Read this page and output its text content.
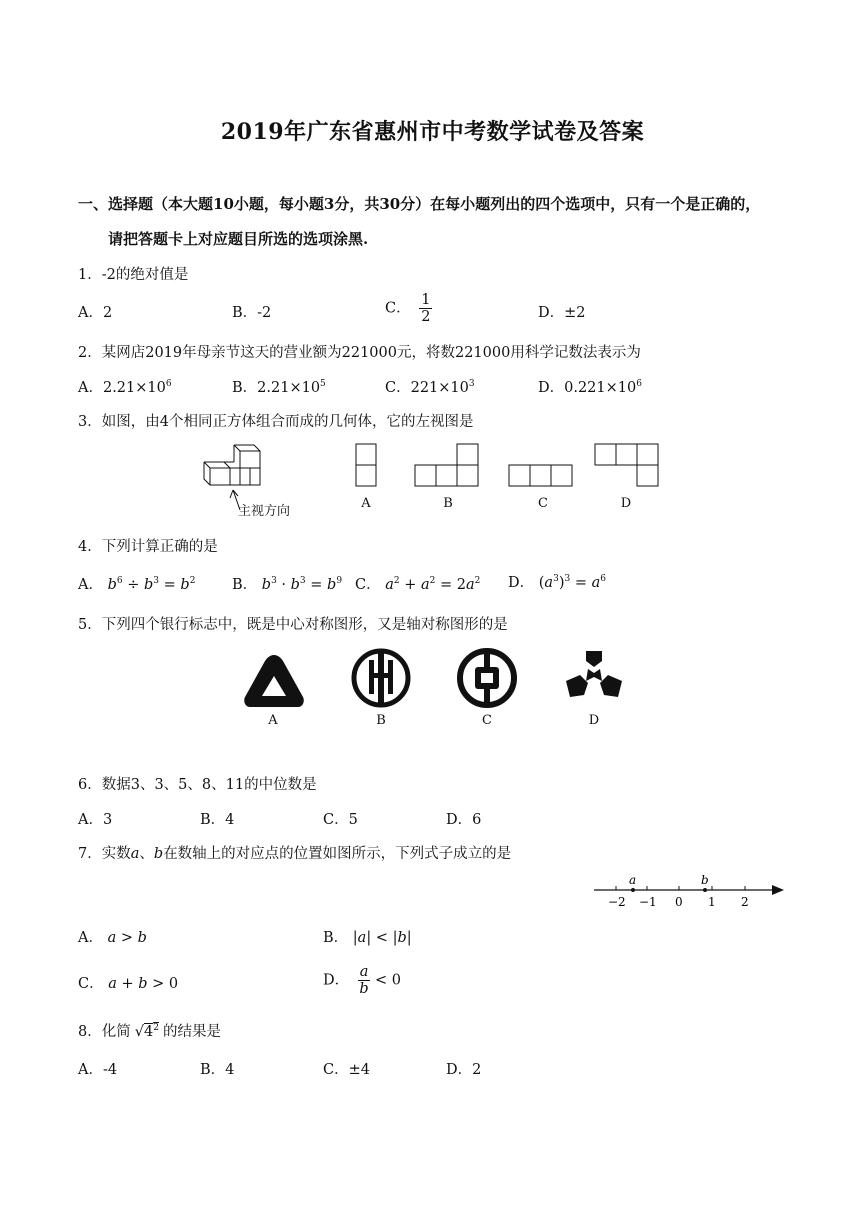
2019年广东省惠州市中考数学试卷及答案
一、选择题（本大题10小题，每小题3分，共30分）在每小题列出的四个选项中，只有一个是正确的，
请把答题卡上对应题目所选的选项涂黑.
1．-2的绝对值是
A．2	B．-2	C． $\frac{1}{2}$	D．±2
2．某网店2019年母亲节这天的营业额为221000元，将数221000用科学记数法表示为
A．$2.21\times 10^6$	B．$2.21\times 10^5$	C．$221\times 10^3$	D．$0.221\times 10^6$
3．如图，由4个相同正方体组合而成的几何体，它的左视图是
主视方向
A	B	C	D
4．下列计算正确的是
A． $b^6 \div b^3 = b^2$	B． $b^3 \cdot b^3 = b^9$ C． $a^2 + a^2 = 2a^2$ D． $(a^3)^3 = a^6$
5．下列四个银行标志中，既是中心对称图形，又是轴对称图形的是
A	B	C	D
6．数据3、3、5、8、11的中位数是
A．3	B．4	C．5	D．6
7．实数a、b在数轴上的对应点的位置如图所示，下列式子成立的是
a	b
−2 −1 0 1 2
A． a > b	B． |a| < |b|
C． a + b > 0	D． $\frac{a}{b} < 0$
8．化简 $√4^2$ 的结果是
A．-4	B．4	C．±4	D．2
